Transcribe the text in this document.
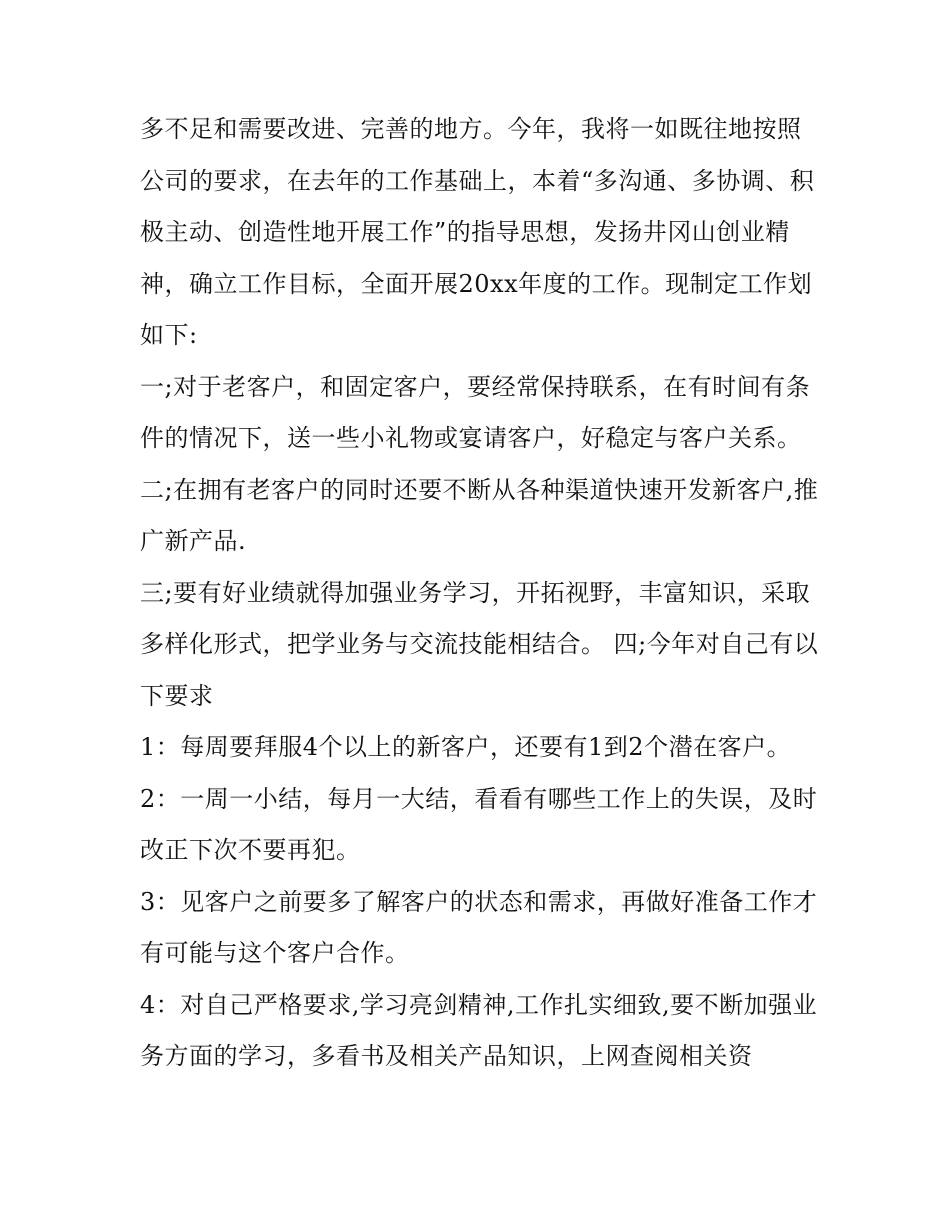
多不足和需要改进、完善的地方。今年，我将一如既往地按照公司的要求，在去年的工作基础上，本着“多沟通、多协调、积极主动、创造性地开展工作”的指导思想，发扬井冈山创业精神，确立工作目标，全面开展20xx年度的工作。现制定工作划如下:

一;对于老客户，和固定客户，要经常保持联系，在有时间有条件的情况下，送一些小礼物或宴请客户，好稳定与客户关系。

二;在拥有老客户的同时还要不断从各种渠道快速开发新客户,推广新产品.

三;要有好业绩就得加强业务学习，开拓视野，丰富知识，采取多样化形式，把学业务与交流技能相结合。 四;今年对自己有以下要求

1：每周要拜服4个以上的新客户，还要有1到2个潜在客户。

2：一周一小结，每月一大结，看看有哪些工作上的失误，及时改正下次不要再犯。

3：见客户之前要多了解客户的状态和需求，再做好准备工作才有可能与这个客户合作。

4：对自己严格要求,学习亮剑精神,工作扎实细致,要不断加强业务方面的学习，多看书及相关产品知识，上网查阅相关资
